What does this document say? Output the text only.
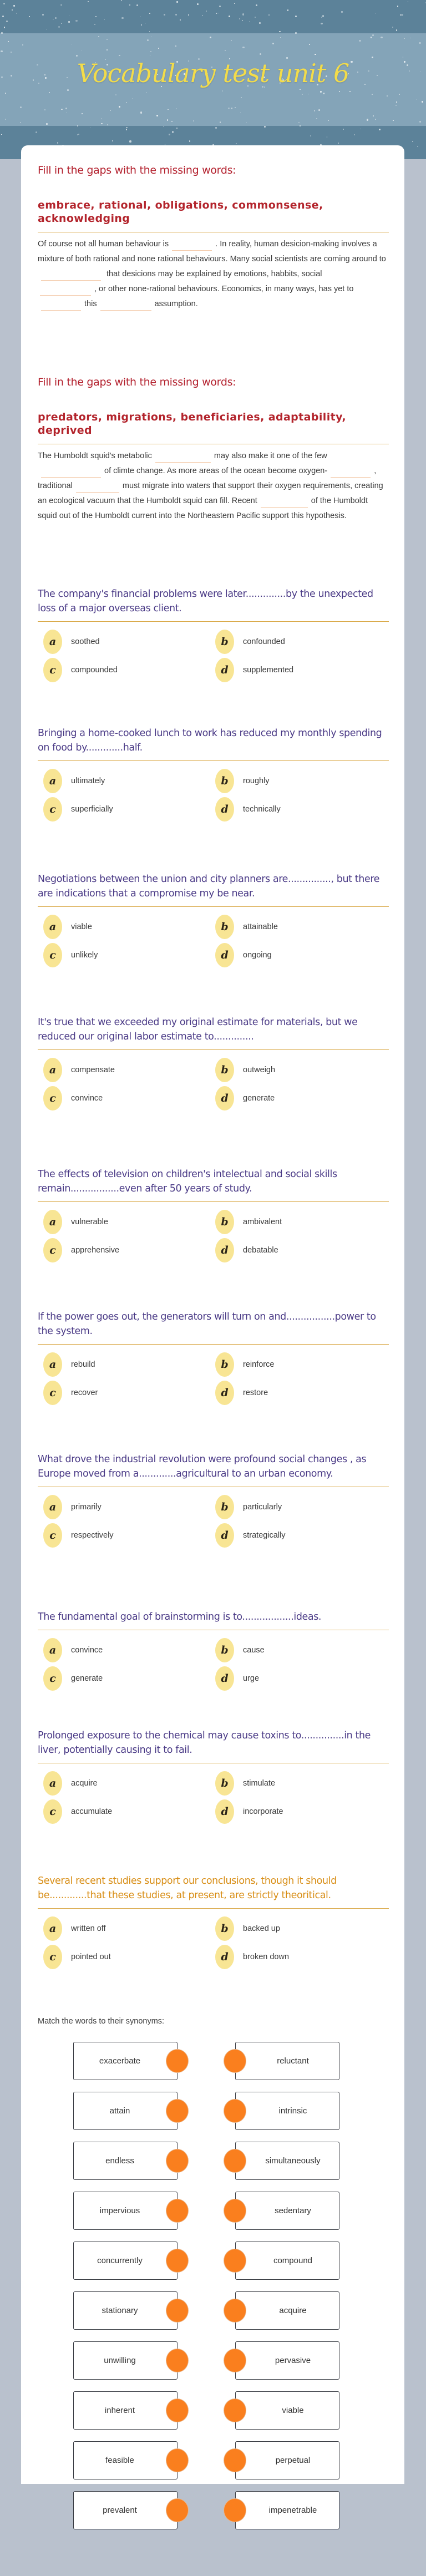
Vocabulary test unit 6
Fill in the gaps with the missing words:
embrace, rational, obligations, commonsense, acknowledging
Of course not all human behaviour is	. In reality, human desicion-making involves a mixture of both rational and none rational behaviours. Many social scientists are coming around to that desicions may be explained by emotions, habbits, social
, or other none-rational behaviours. Economics, in many ways, has yet tothis	assumption.
Fill in the gaps with the missing words:
predators, migrations, beneficiaries, adaptability, deprived
The Humboldt squid's metabolic	may also make it one of the fewof climte change. As more areas of the ocean become oxygen-	, traditional	must migrate into waters that support their oxygen requirements, creating an ecological vacuum that the Humboldt squid can fill. Recent	of the Humboldt squid out of the Humboldt current into the Northeastern Pacific support this hypothesis.
The company's financial problems were later..............by the unexpected loss of a major overseas client.
a	soothed	b	confounded
c	compounded	d	supplemented
Bringing a home-cooked lunch to work has reduced my monthly spending on food by.............half.
a	ultimately	b	roughly
c	superficially	d	technically
Negotiations between the union and city planners are..............., but there are indications that a compromise my be near.
a	viable	b	attainable
c	unlikely	d	ongoing
It's true that we exceeded my original estimate for materials, but we reduced our original labor estimate to..............
a	compensate	b	outweigh
c	convince	d	generate
The effects of television on children's intelectual and social skills remain.................even after 50 years of study.
a	vulnerable	b	ambivalent
c	apprehensive	d	debatable
If the power goes out, the generators will turn on and.................power to the system.
a	rebuild	b	reinforce
c	recover	d	restore
What drove the industrial revolution were profound social changes , as Europe moved from a.............agricultural to an urban economy.
a	primarily	b	particularly
c	respectively	d	strategically
The fundamental goal of brainstorming is to..................ideas.
a	convince	b	cause
c	generate	d	urge
Prolonged exposure to the chemical may cause toxins to...............in the liver, potentially causing it to fail.
a	acquire	b	stimulate
c	accumulate	d	incorporate
Several recent studies support our conclusions, though it should be.............that these studies, at present, are strictly theoritical.
a	written off	b	backed up
c	pointed out	d	broken down
Match the words to their synonyms:
exacerbate	reluctant
attain	intrinsic
endless	simultaneously
impervious	sedentary
concurrently	compound
stationary	acquire
unwilling	pervasive
inherent	viable
feasible	perpetual
prevalent	impenetrable
